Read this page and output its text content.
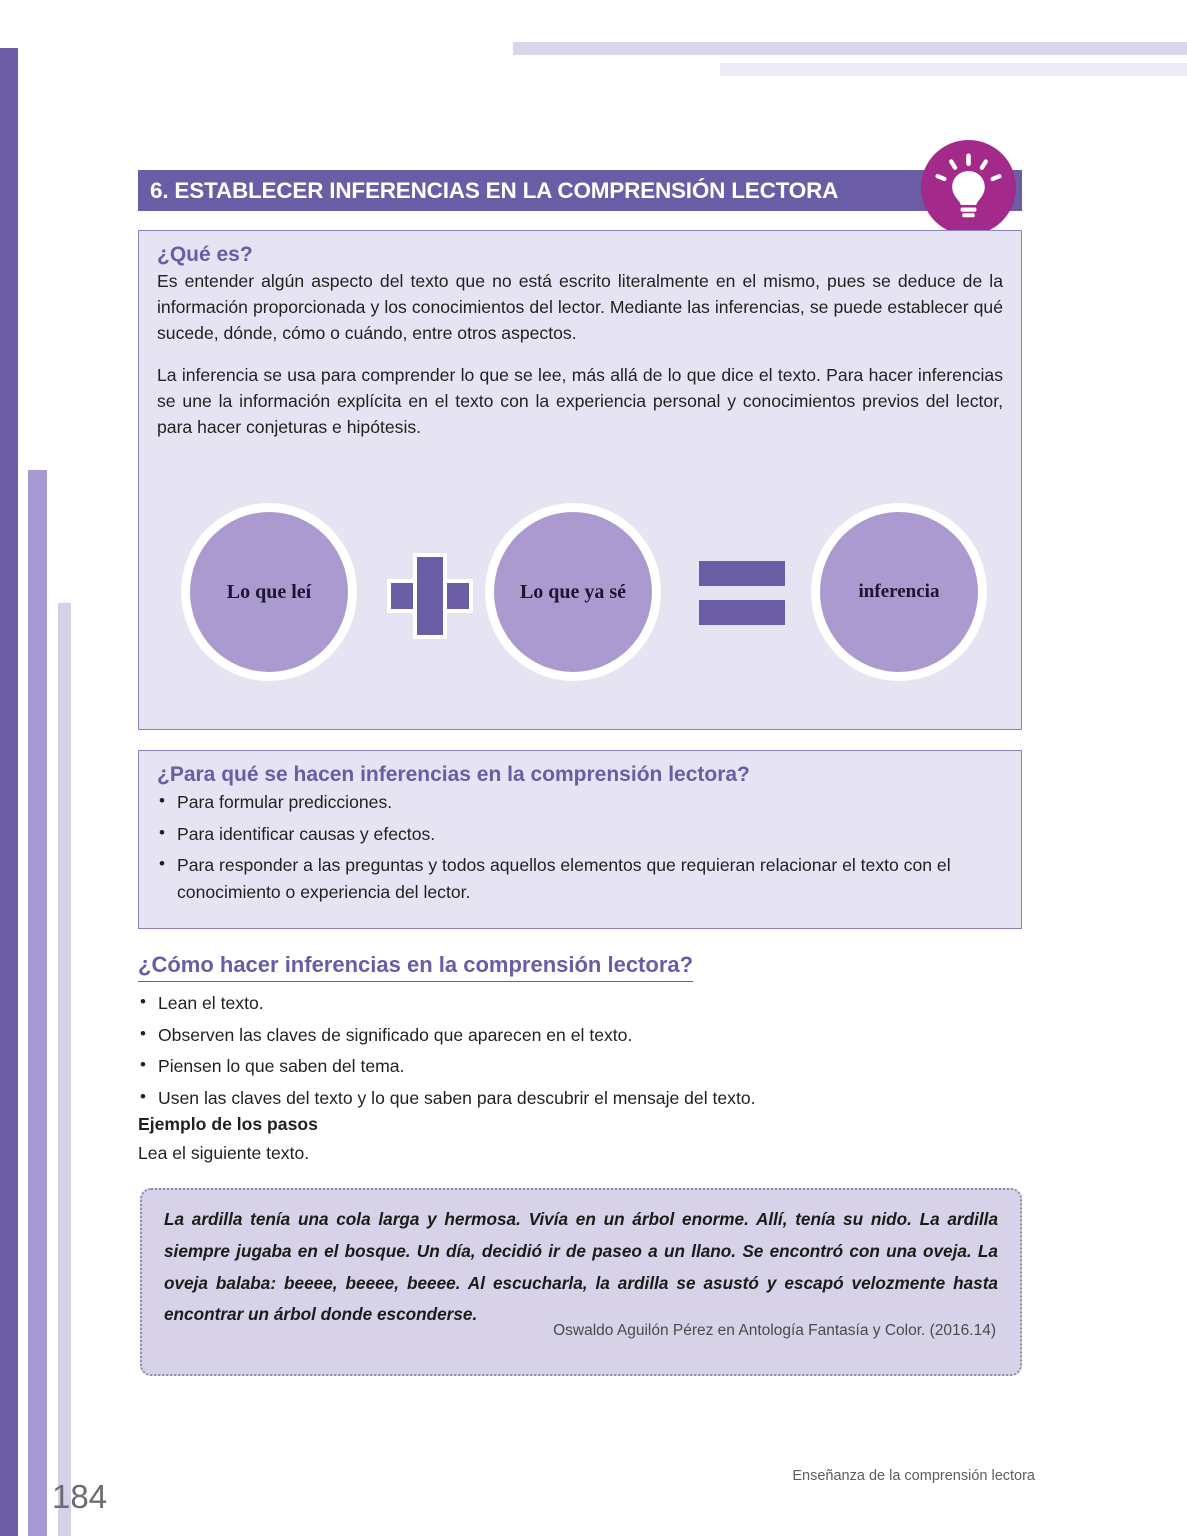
6. ESTABLECER INFERENCIAS EN LA COMPRENSIÓN LECTORA

¿Qué es?

Es entender algún aspecto del texto que no está escrito literalmente en el mismo, pues se deduce de la información proporcionada y los conocimientos del lector. Mediante las inferencias, se puede establecer qué sucede, dónde, cómo o cuándo, entre otros aspectos.

La inferencia se usa para comprender lo que se lee, más allá de lo que dice el texto. Para hacer inferencias se une la información explícita en el texto con la experiencia personal y conocimientos previos del lector, para hacer conjeturas e hipótesis.

Lo que leí	Lo que ya sé	inferencia

¿Para qué se hacen inferencias en la comprensión lectora?

• Para formular predicciones.
• Para identificar causas y efectos.
• Para responder a las preguntas y todos aquellos elementos que requieran relacionar el texto con el conocimiento o experiencia del lector.
¿Cómo hacer inferencias en la comprensión lectora?
• Lean el texto.
• Observen las claves de significado que aparecen en el texto.
• Piensen lo que saben del tema.
• Usen las claves del texto y lo que saben para descubrir el mensaje del texto.
Ejemplo de los pasos
Lea el siguiente texto.

La ardilla tenía una cola larga y hermosa. Vivía en un árbol enorme. Allí, tenía su nido. La ardilla siempre jugaba en el bosque. Un día, decidió ir de paseo a un llano. Se encontró con una oveja. La oveja balaba: beeee, beeee, beeee. Al escucharla, la ardilla se asustó y escapó velozmente hasta encontrar un árbol donde esconderse.

Oswaldo Aguilón Pérez en Antología Fantasía y Color. (2016.14)
184
Enseñanza de la comprensión lectora
